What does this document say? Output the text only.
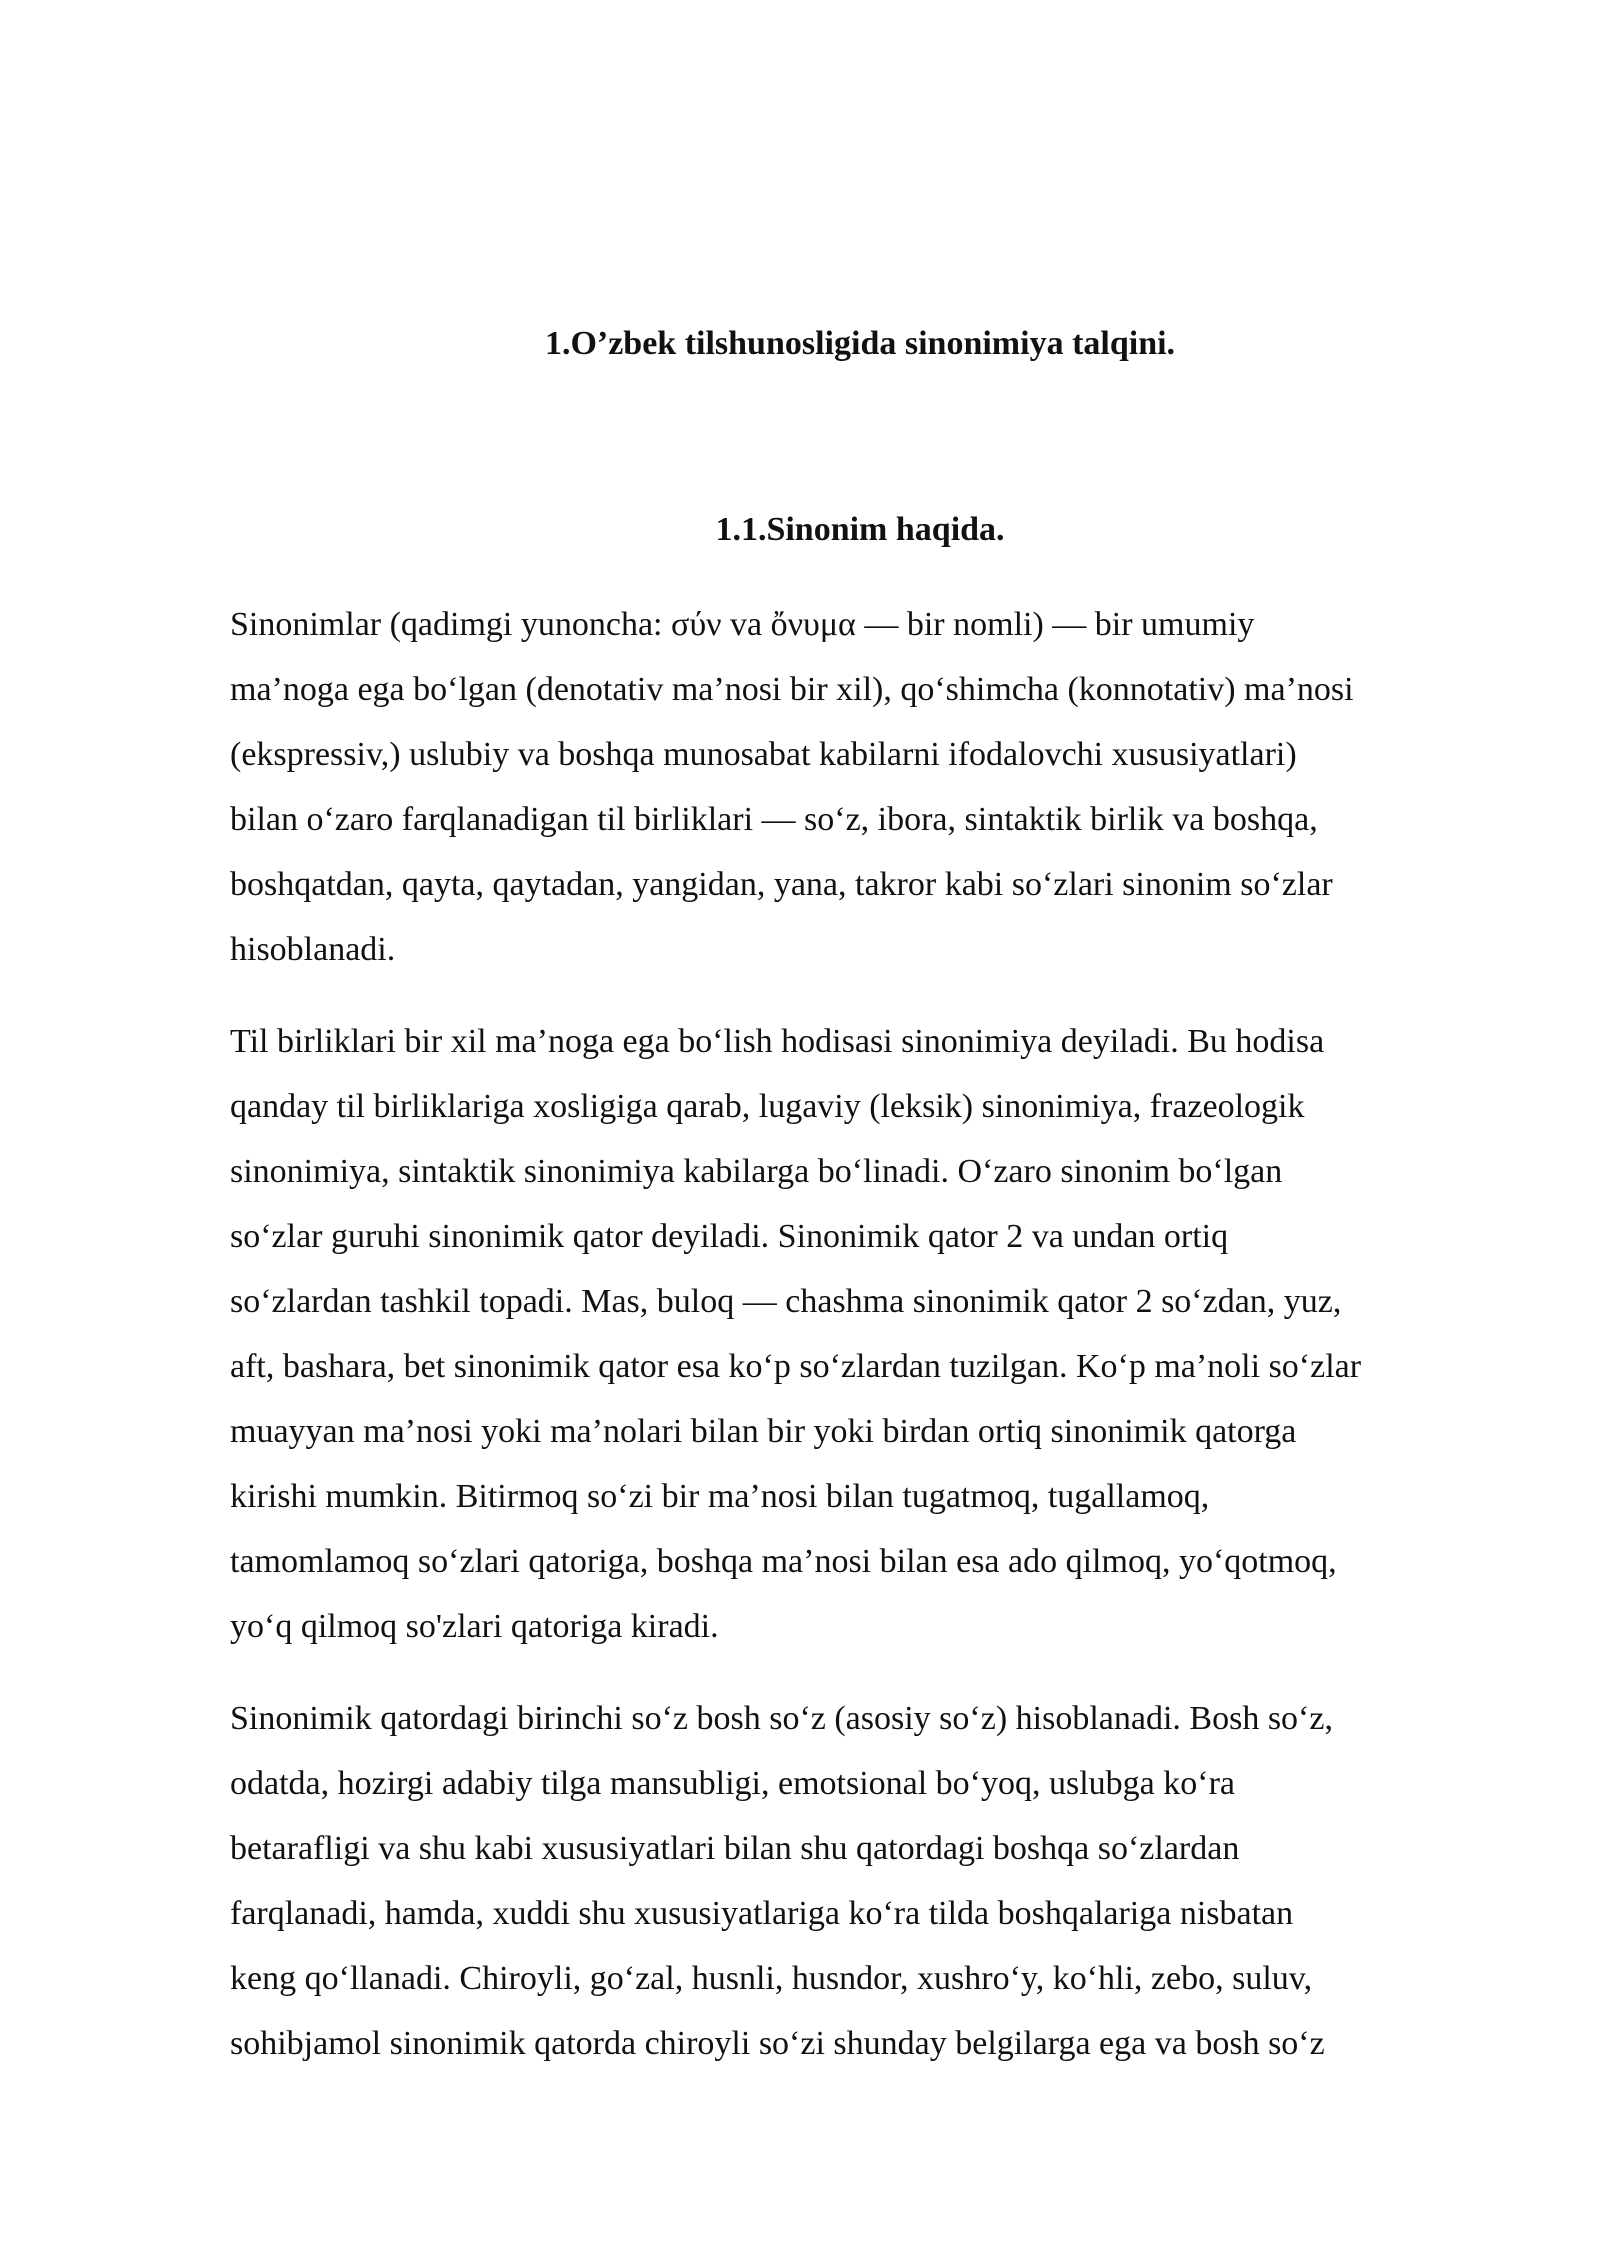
1.O’zbek tilshunosligida sinonimiya talqini.
1.1.Sinonim haqida.

Sinonimlar (qadimgi yunoncha: σύν va ὄνυμα — bir nomli) — bir umumiy
ma’noga ega bo‘lgan (denotativ ma’nosi bir xil), qo‘shimcha (konnotativ) ma’nosi
(ekspressiv,) uslubiy va boshqa munosabat kabilarni ifodalovchi xususiyatlari)
bilan o‘zaro farqlanadigan til birliklari — so‘z, ibora, sintaktik birlik va boshqa,
boshqatdan, qayta, qaytadan, yangidan, yana, takror kabi so‘zlari sinonim so‘zlar
hisoblanadi.

Til birliklari bir xil ma’noga ega bo‘lish hodisasi sinonimiya deyiladi. Bu hodisa
qanday til birliklariga xosligiga qarab, lugaviy (leksik) sinonimiya, frazeologik
sinonimiya, sintaktik sinonimiya kabilarga bo‘linadi. O‘zaro sinonim bo‘lgan
so‘zlar guruhi sinonimik qator deyiladi. Sinonimik qator 2 va undan ortiq
so‘zlardan tashkil topadi. Mas, buloq — chashma sinonimik qator 2 so‘zdan, yuz,
aft, bashara, bet sinonimik qator esa ko‘p so‘zlardan tuzilgan. Ko‘p ma’noli so‘zlar
muayyan ma’nosi yoki ma’nolari bilan bir yoki birdan ortiq sinonimik qatorga
kirishi mumkin. Bitirmoq so‘zi bir ma’nosi bilan tugatmoq, tugallamoq,
tamomlamoq so‘zlari qatoriga, boshqa ma’nosi bilan esa ado qilmoq, yo‘qotmoq,
yo‘q qilmoq so'zlari qatoriga kiradi.

Sinonimik qatordagi birinchi so‘z bosh so‘z (asosiy so‘z) hisoblanadi. Bosh so‘z,
odatda, hozirgi adabiy tilga mansubligi, emotsional bo‘yoq, uslubga ko‘ra
betarafligi va shu kabi xususiyatlari bilan shu qatordagi boshqa so‘zlardan
farqlanadi, hamda, xuddi shu xususiyatlariga ko‘ra tilda boshqalariga nisbatan
keng qo‘llanadi. Chiroyli, go‘zal, husnli, husndor, xushro‘y, ko‘hli, zebo, suluv,
sohibjamol sinonimik qatorda chiroyli so‘zi shunday belgilarga ega va bosh so‘z
